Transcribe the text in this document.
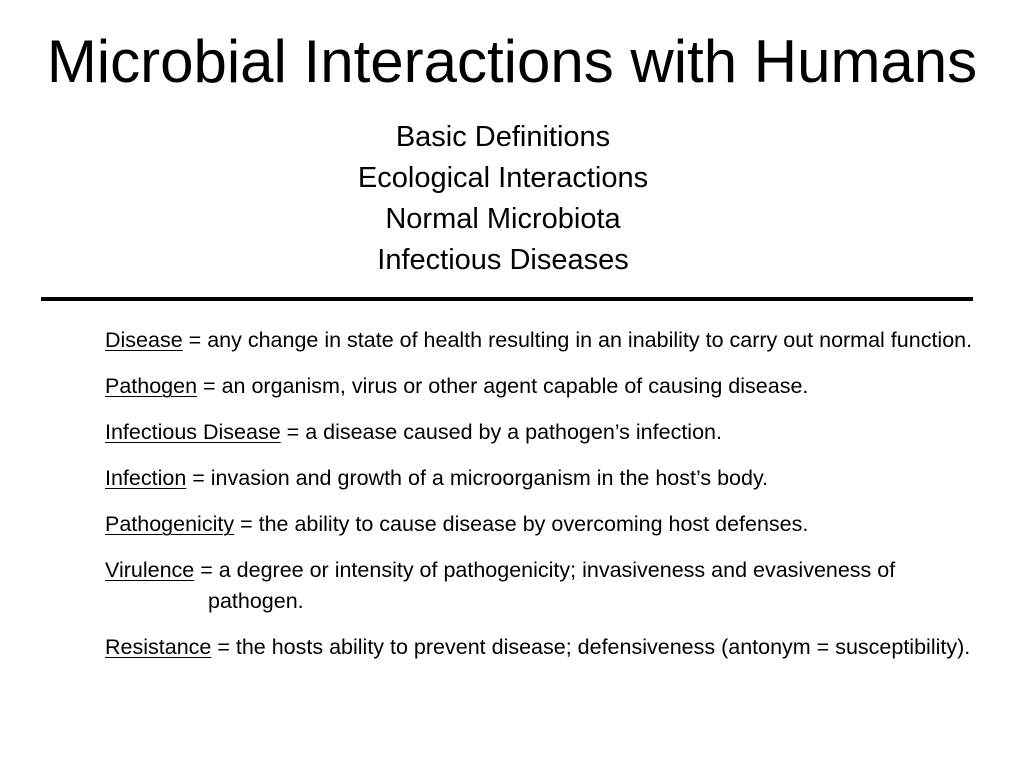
Microbial Interactions with Humans
Basic Definitions
Ecological Interactions
Normal Microbiota
Infectious Diseases
Disease = any change in state of health resulting in an inability to carry out normal function.
Pathogen = an organism, virus or other agent capable of causing disease.
Infectious Disease = a disease caused by a pathogen’s infection.
Infection = invasion and growth of a microorganism in the host’s body.
Pathogenicity = the ability to cause disease by overcoming host defenses.
Virulence = a degree or intensity of pathogenicity; invasiveness and evasiveness of pathogen.
Resistance = the hosts ability to prevent disease; defensiveness (antonym = susceptibility).
